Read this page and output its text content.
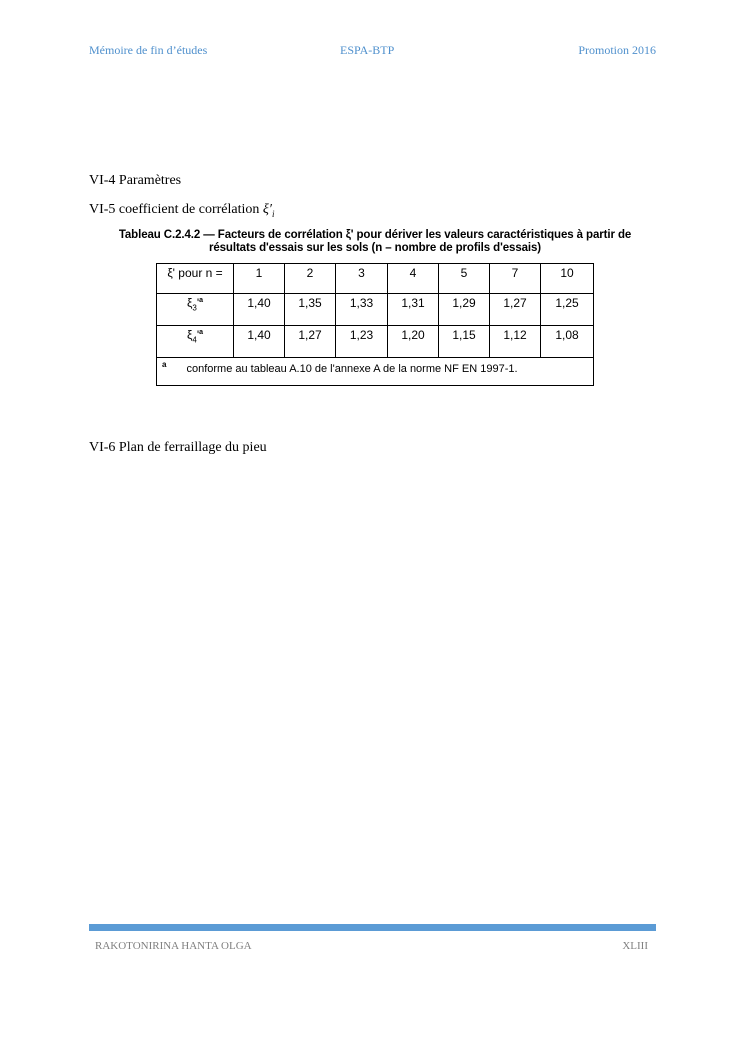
Mémoire de fin d’études	ESPA-BTP	Promotion 2016
VI-4 Paramètres
VI-5 coefficient de corrélation $\xi'_i$
Tableau C.2.4.2 — Facteurs de corrélation ξ' pour dériver les valeurs caractéristiques à partir de
résultats d'essais sur les sols (n – nombre de profils d'essais)
ξ' pour n =	1	2	3	4	5	7	10
$\xi_3'^a$	1,40	1,35	1,33	1,31	1,29	1,27	1,25
$\xi_4'^a$	1,40	1,27	1,23	1,20	1,15	1,12	1,08
$^a$ conforme au tableau A.10 de l'annexe A de la norme NF EN 1997-1.							
VI-6 Plan de ferraillage du pieu
RAKOTONIRINA HANTA OLGA	XLIII
